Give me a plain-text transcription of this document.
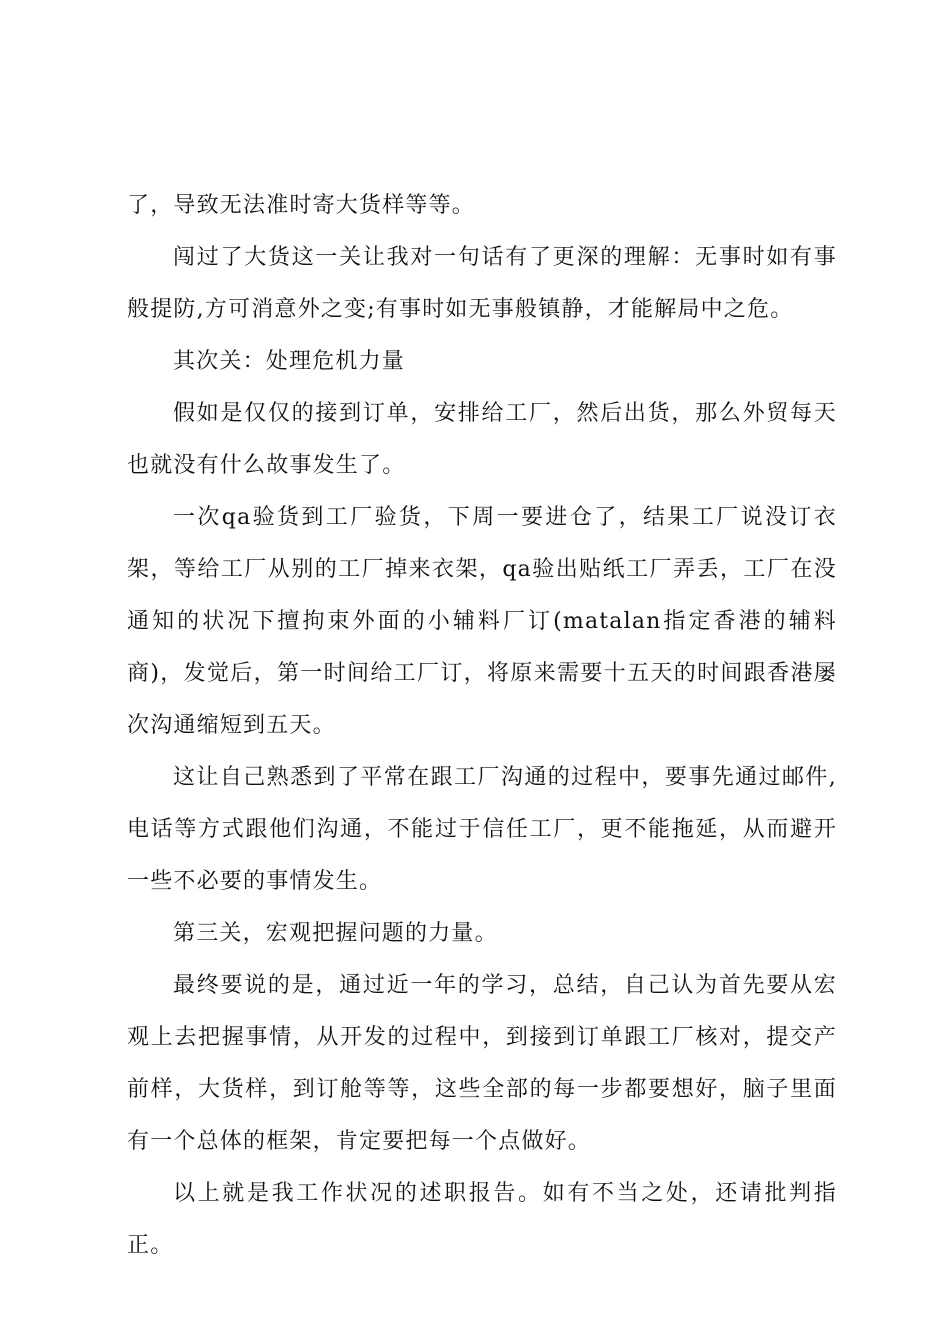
了，导致无法准时寄大货样等等。

闯过了大货这一关让我对一句话有了更深的理解：无事时如有事般提防,方可消意外之变;有事时如无事般镇静，才能解局中之危。

其次关：处理危机力量

假如是仅仅的接到订单，安排给工厂，然后出货，那么外贸每天也就没有什么故事发生了。

一次qa验货到工厂验货，下周一要进仓了，结果工厂说没订衣架，等给工厂从别的工厂掉来衣架，qa验出贴纸工厂弄丢，工厂在没通知的状况下擅拘束外面的小辅料厂订(matalan指定香港的辅料商)，发觉后，第一时间给工厂订，将原来需要十五天的时间跟香港屡次沟通缩短到五天。

这让自己熟悉到了平常在跟工厂沟通的过程中，要事先通过邮件,电话等方式跟他们沟通，不能过于信任工厂，更不能拖延，从而避开一些不必要的事情发生。

第三关，宏观把握问题的力量。

最终要说的是，通过近一年的学习，总结，自己认为首先要从宏观上去把握事情，从开发的过程中，到接到订单跟工厂核对，提交产前样，大货样，到订舱等等，这些全部的每一步都要想好，脑子里面有一个总体的框架，肯定要把每一个点做好。

以上就是我工作状况的述职报告。如有不当之处，还请批判指正。
